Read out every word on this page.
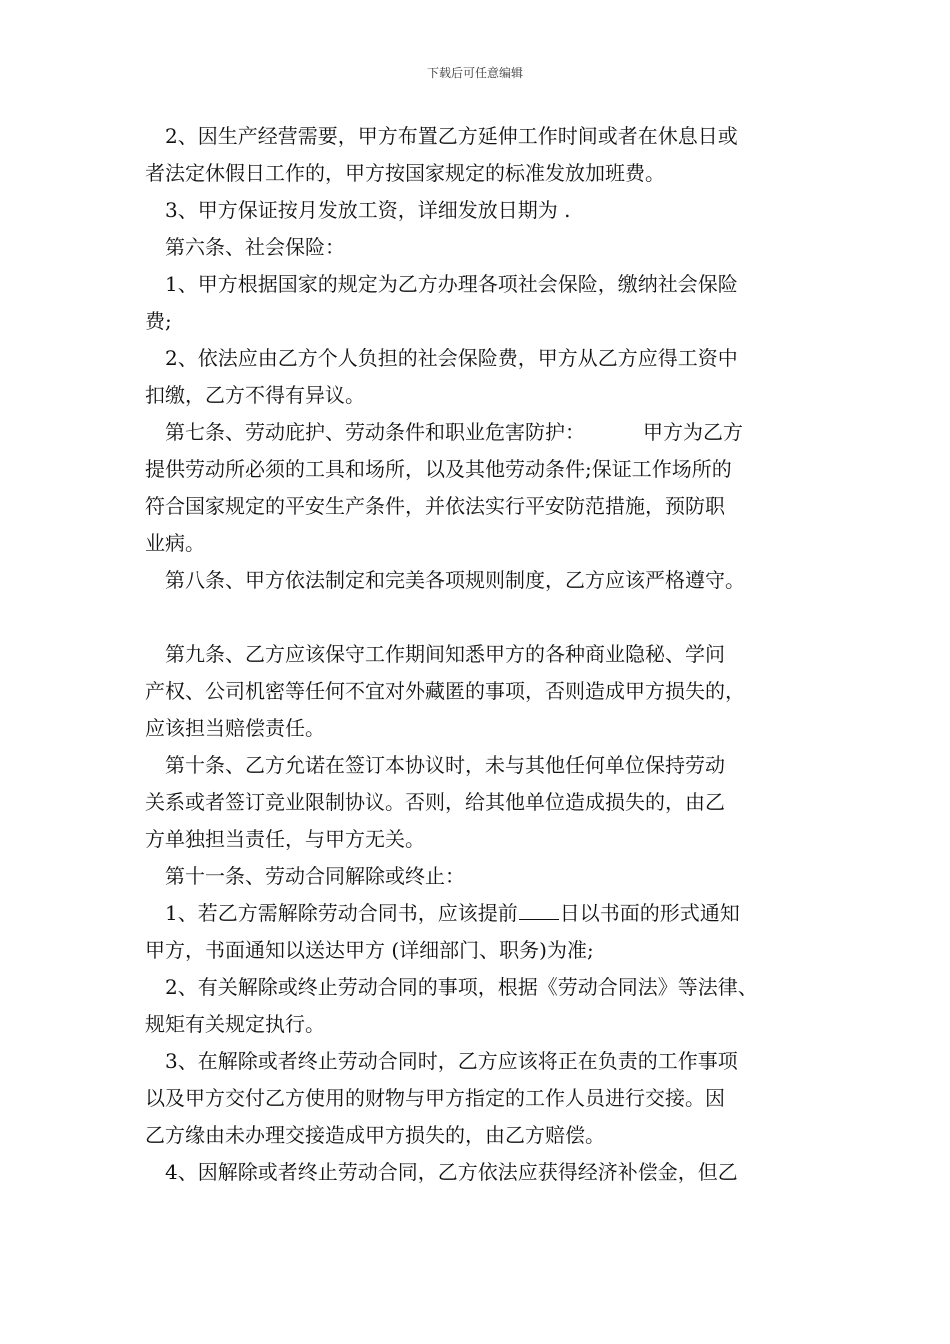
下载后可任意编辑
2、因生产经营需要，甲方布置乙方延伸工作时间或者在休息日或
者法定休假日工作的，甲方按国家规定的标准发放加班费。
3、甲方保证按月发放工资，详细发放日期为 .
第六条、社会保险：
1、甲方根据国家的规定为乙方办理各项社会保险，缴纳社会保险
费;
2、依法应由乙方个人负担的社会保险费，甲方从乙方应得工资中
扣缴，乙方不得有异议。
第七条、劳动庇护、劳动条件和职业危害防护：	甲方为乙方
提供劳动所必须的工具和场所，以及其他劳动条件;保证工作场所的
符合国家规定的平安生产条件，并依法实行平安防范措施，预防职
业病。
第八条、甲方依法制定和完美各项规则制度，乙方应该严格遵守。
第九条、乙方应该保守工作期间知悉甲方的各种商业隐秘、学问
产权、公司机密等任何不宜对外藏匿的事项，否则造成甲方损失的，
应该担当赔偿责任。
第十条、乙方允诺在签订本协议时，未与其他任何单位保持劳动
关系或者签订竞业限制协议。否则，给其他单位造成损失的，由乙
方单独担当责任，与甲方无关。
第十一条、劳动合同解除或终止：
1、若乙方需解除劳动合同书，应该提前 日以书面的形式通知
甲方，书面通知以送达甲方 (详细部门、职务)为准;
2、有关解除或终止劳动合同的事项，根据《劳动合同法》等法律、
规矩有关规定执行。
3、在解除或者终止劳动合同时，乙方应该将正在负责的工作事项
以及甲方交付乙方使用的财物与甲方指定的工作人员进行交接。因
乙方缘由未办理交接造成甲方损失的，由乙方赔偿。
4、因解除或者终止劳动合同，乙方依法应获得经济补偿金，但乙
